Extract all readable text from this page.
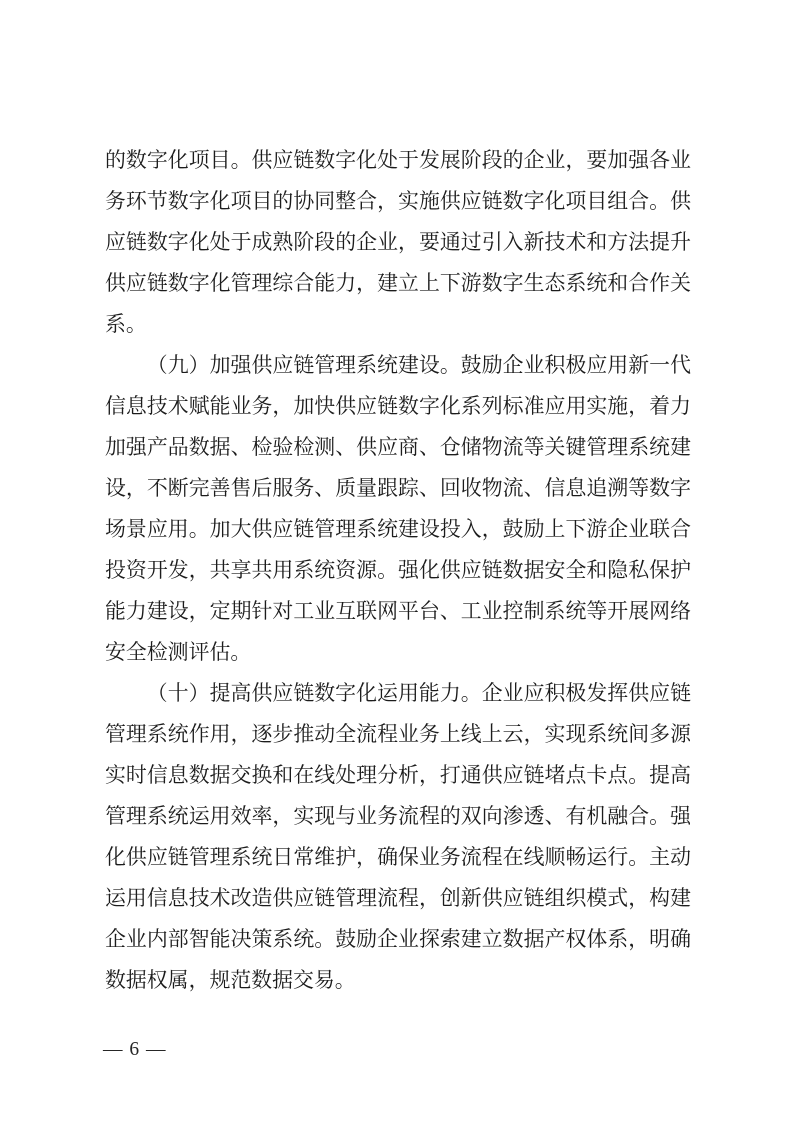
的数字化项目。供应链数字化处于发展阶段的企业，要加强各业务环节数字化项目的协同整合，实施供应链数字化项目组合。供应链数字化处于成熟阶段的企业，要通过引入新技术和方法提升供应链数字化管理综合能力，建立上下游数字生态系统和合作关系。

（九）加强供应链管理系统建设。鼓励企业积极应用新一代信息技术赋能业务，加快供应链数字化系列标准应用实施，着力加强产品数据、检验检测、供应商、仓储物流等关键管理系统建设，不断完善售后服务、质量跟踪、回收物流、信息追溯等数字场景应用。加大供应链管理系统建设投入，鼓励上下游企业联合投资开发，共享共用系统资源。强化供应链数据安全和隐私保护能力建设，定期针对工业互联网平台、工业控制系统等开展网络安全检测评估。

（十）提高供应链数字化运用能力。企业应积极发挥供应链管理系统作用，逐步推动全流程业务上线上云，实现系统间多源实时信息数据交换和在线处理分析，打通供应链堵点卡点。提高管理系统运用效率，实现与业务流程的双向渗透、有机融合。强化供应链管理系统日常维护，确保业务流程在线顺畅运行。主动运用信息技术改造供应链管理流程，创新供应链组织模式，构建企业内部智能决策系统。鼓励企业探索建立数据产权体系，明确数据权属，规范数据交易。

— 6 —
